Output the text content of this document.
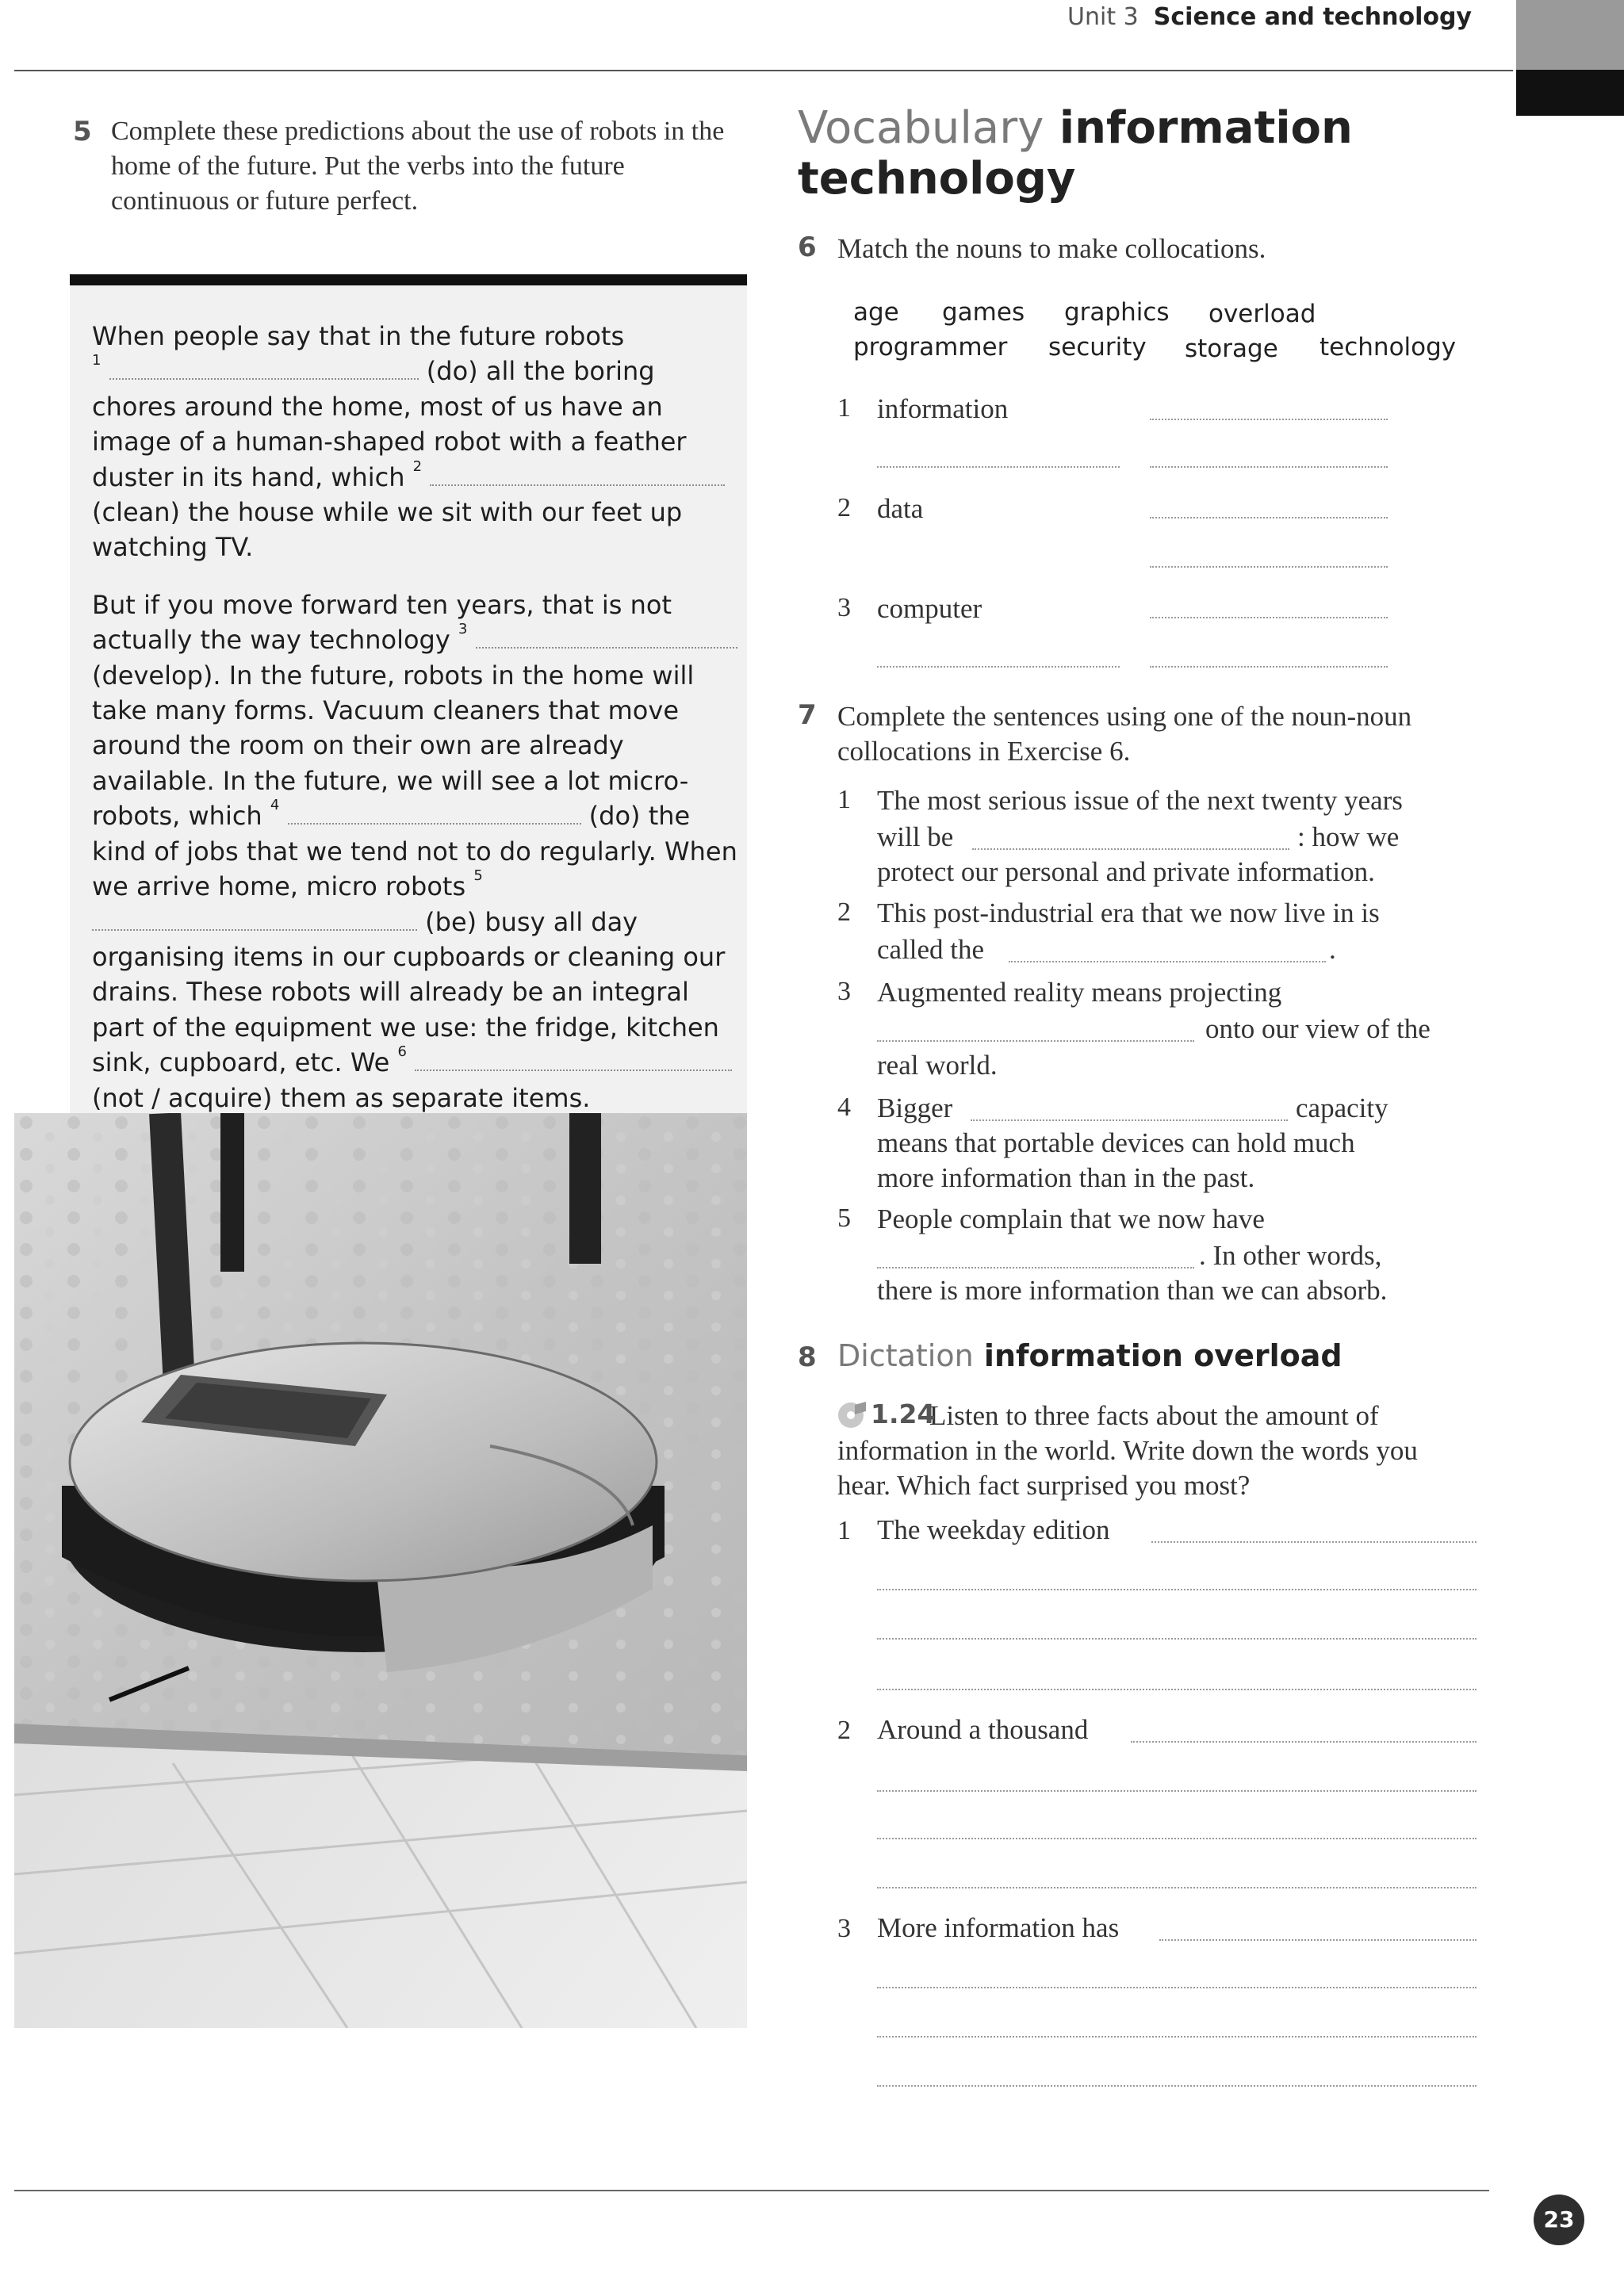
Unit 3 Science and technology
5 Complete these predictions about the use of robots in the home of the future. Put the verbs into the future continuous or future perfect.

When people say that in the future robots
$^1$	(do) all the boring chores around the home, most of us have an image of a human-shaped robot with a feather duster in its hand, which $^2$  (clean) the house while we sit with our feet up watching TV.

But if you move forward ten years, that is not actually the way technology $^3$  (develop). In the future, robots in the home will take many forms. Vacuum cleaners that move around the room on their own are already available. In the future, we will see a lot micro-robots, which $^4$	(do) the kind of jobs that we tend not to do regularly. When we arrive home, micro robots $^5$  (be) busy all day organising items in our cupboards or cleaning our drains. These robots will already be an integral part of the equipment we use: the fridge, kitchen sink, cupboard, etc. We $^6$  (not / acquire) them as separate items.

Vocabulary information technology
6 Match the nouns to make collocations.
age games graphics overload
programmer security storage technology
1 information
2 data
3 computer
7 Complete the sentences using one of the noun-noun collocations in Exercise 6.
1 The most serious issue of the next twenty years
will be	: how we
protect our personal and private information.
2 This post-industrial era that we now live in is
called the	.
3 Augmented reality means projecting
onto our view of the
real world.
4 Bigger	capacity
means that portable devices can hold much
more information than in the past.
5 People complain that we now have
. In other words,
there is more information than we can absorb.
8 Dictation information overload
Listen to three facts about the amount of information in the world. Write down the words you hear. Which fact surprised you most?
1.24
1 The weekday edition
2 Around a thousand
3 More information has
23
